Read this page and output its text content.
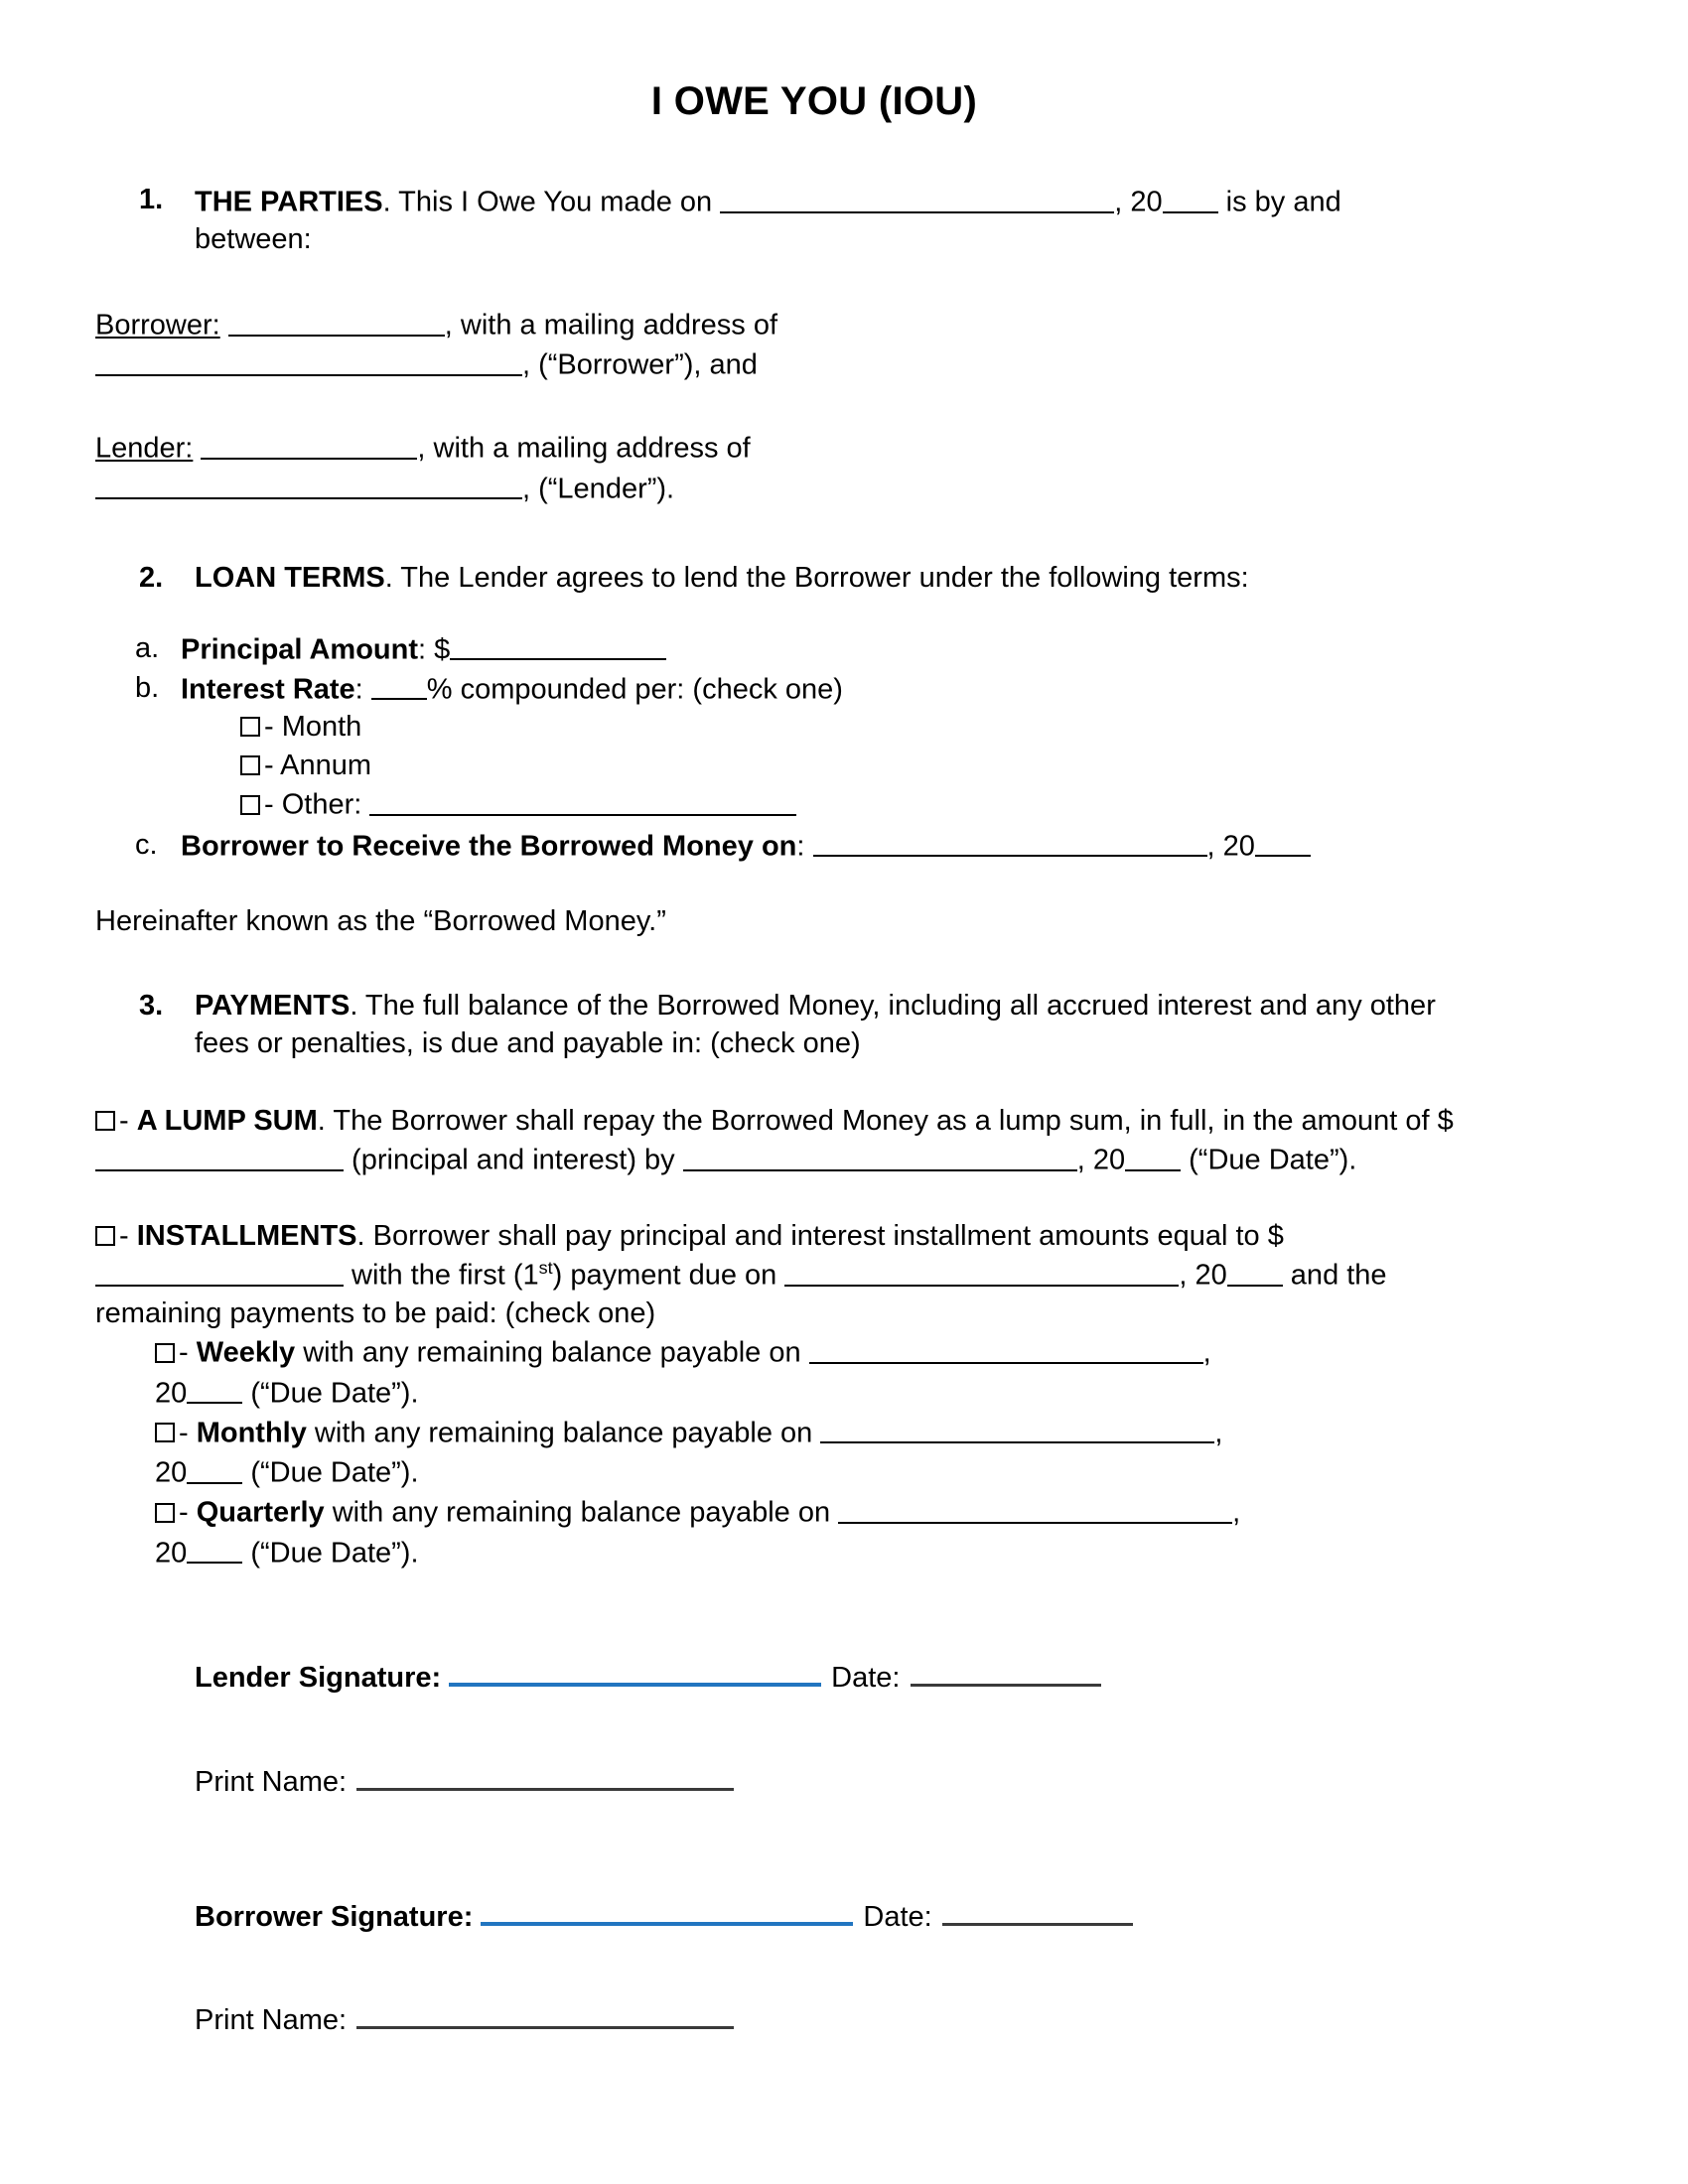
I OWE YOU (IOU)
1.	THE PARTIES. This I Owe You made on	, 20 is by and between:
Borrower:	, with a mailing address of
, (“Borrower”), and
Lender:	, with a mailing address of
, (“Lender”).
2.	LOAN TERMS. The Lender agrees to lend the Borrower under the following terms:
a. Principal Amount: $
b. Interest Rate: % compounded per: (check one)
- Month
- Annum
- Other:
c. Borrower to Receive the Borrowed Money on:	, 20
Hereinafter known as the “Borrowed Money.”
3.	PAYMENTS. The full balance of the Borrowed Money, including all accrued interest and any other fees or penalties, is due and payable in: (check one)
- A LUMP SUM. The Borrower shall repay the Borrowed Money as a lump sum, in full, in the amount of $ (principal and interest) by	, 20 (“Due Date”).
- INSTALLMENTS. Borrower shall pay principal and interest installment amounts equal to $ with the first (1st) payment due on	, 20 and the remaining payments to be paid: (check one)
- Weekly with any remaining balance payable on	,
20 (“Due Date”).
- Monthly with any remaining balance payable on	,
20 (“Due Date”).
- Quarterly with any remaining balance payable on	,
20 (“Due Date”).
Lender Signature :	Date:
Print Name:
Borrower Signature :	Date:
Print Name:
